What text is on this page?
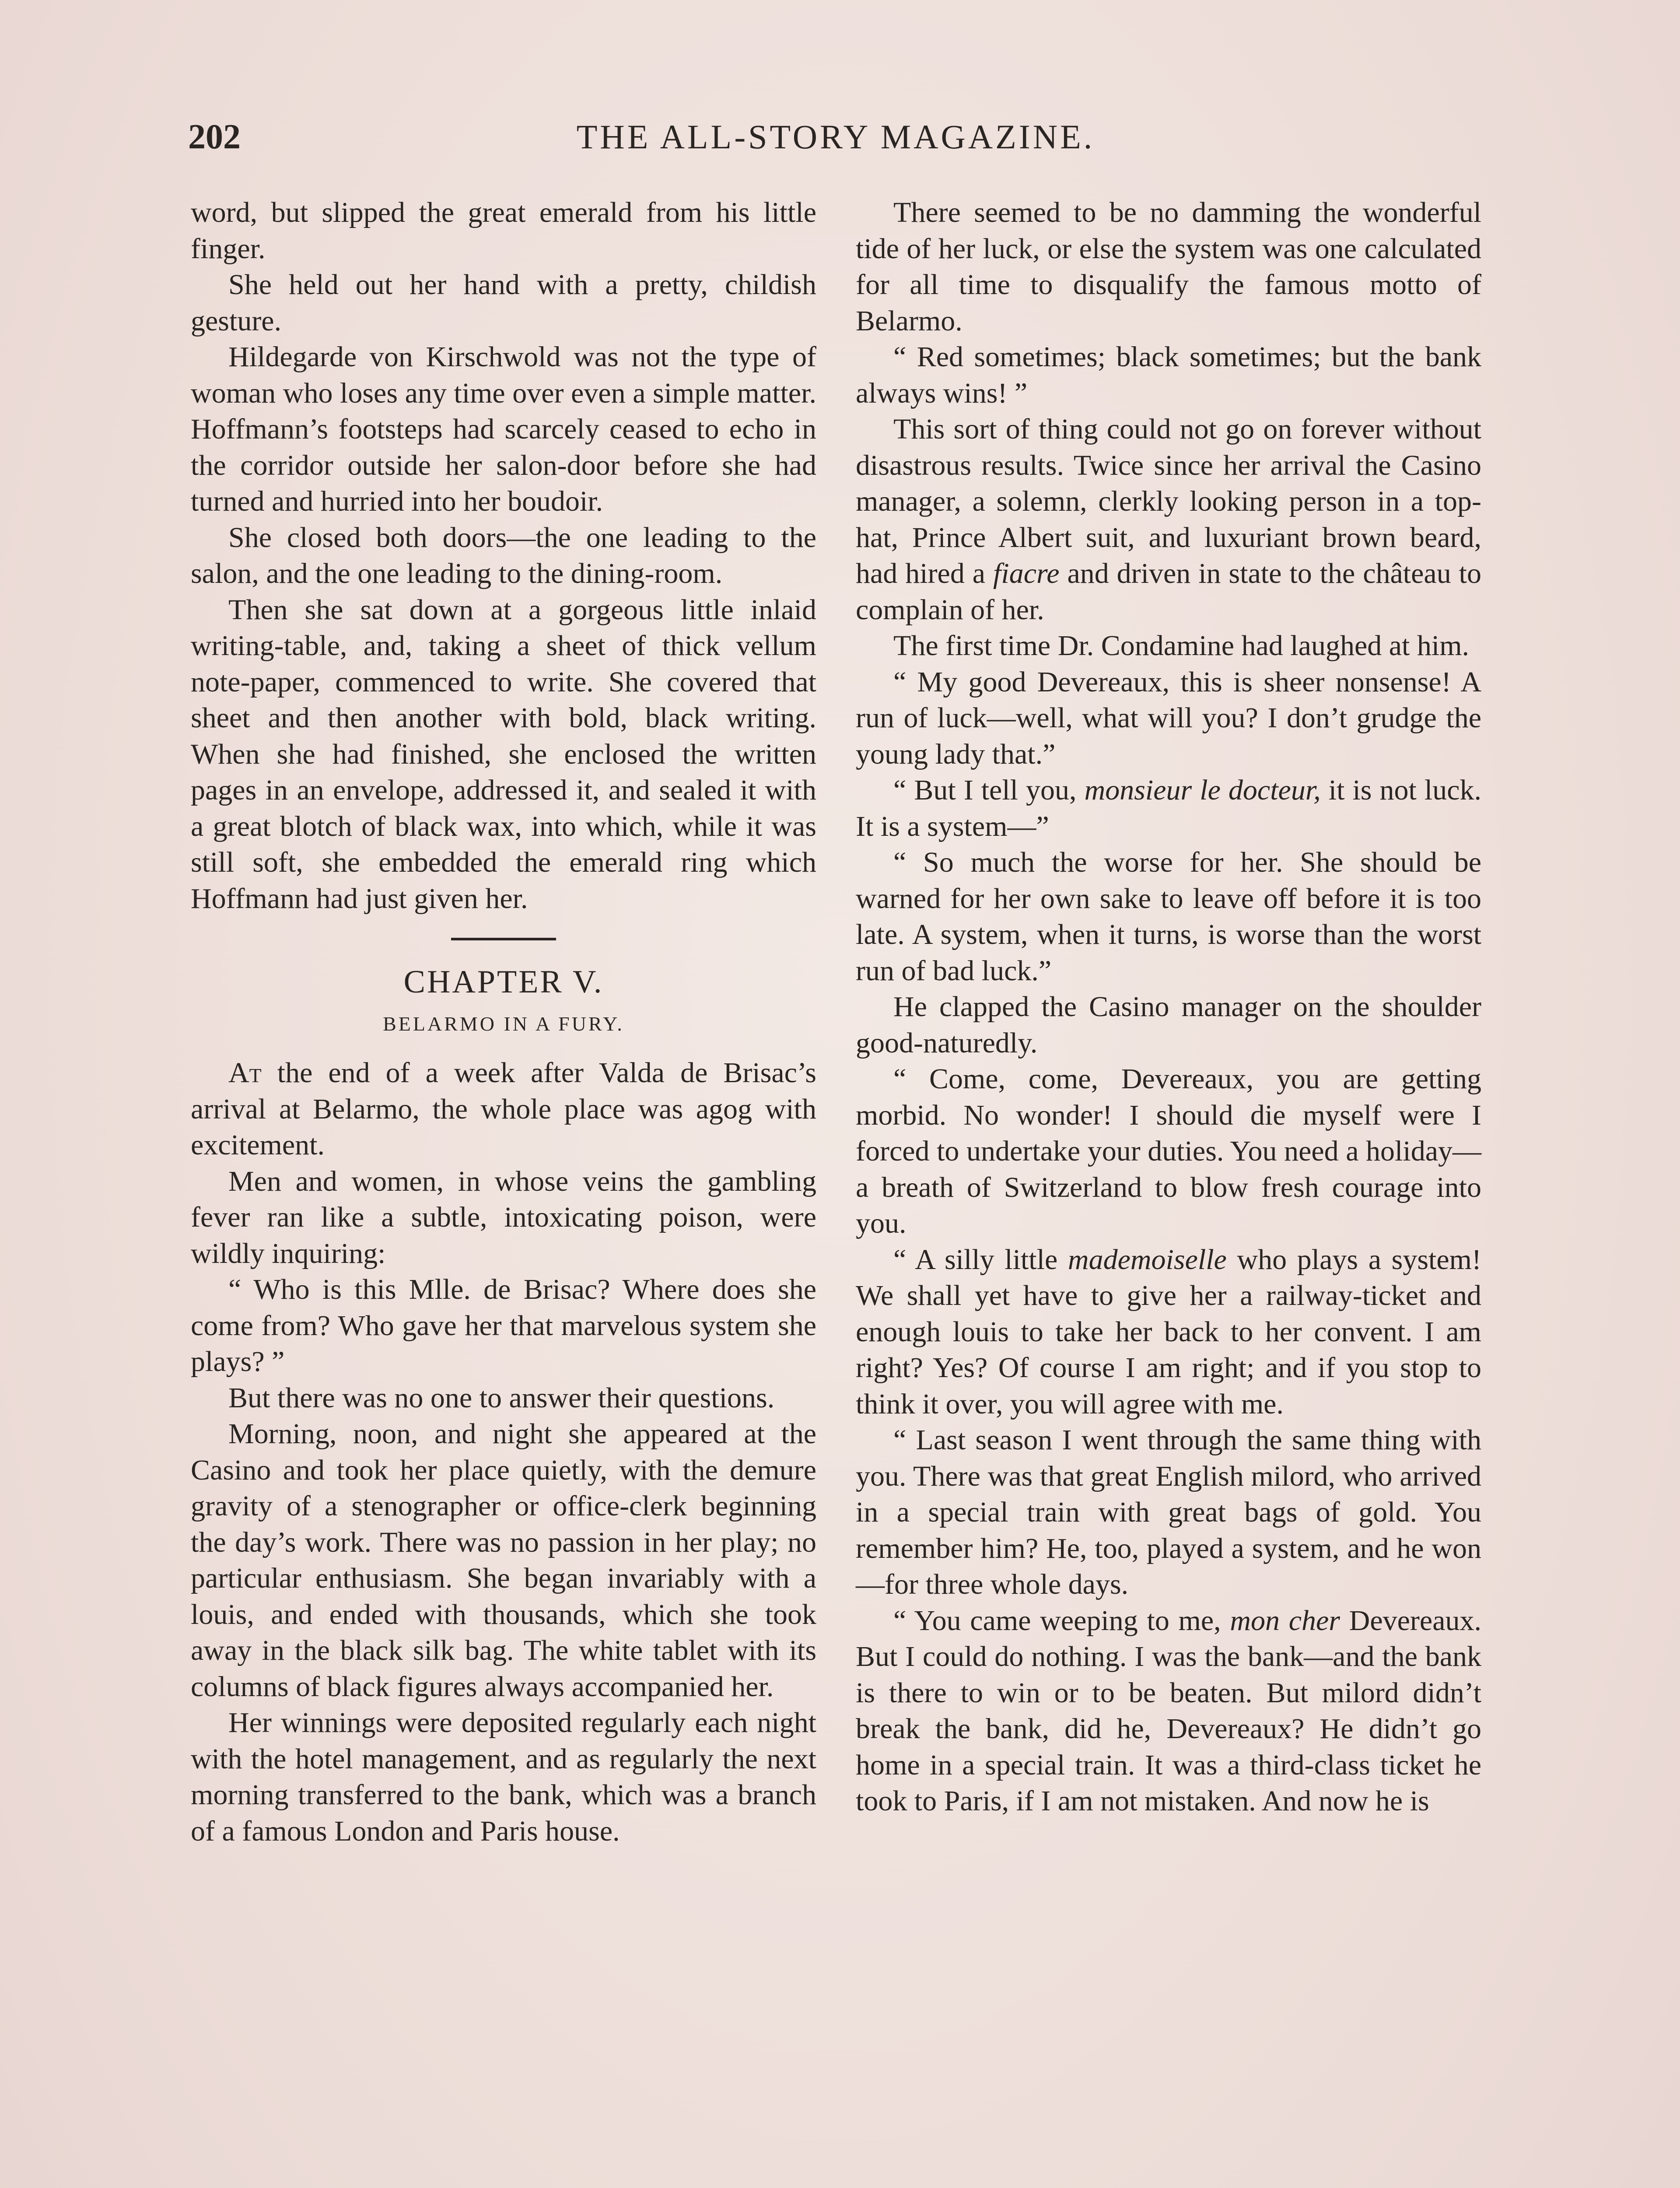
202	THE ALL-STORY MAGAZINE.

word, but slipped the great emerald from his little finger.

She held out her hand with a pretty, childish gesture.

Hildegarde von Kirschwold was not the type of woman who loses any time over even a simple matter. Hoffmann’s footsteps had scarcely ceased to echo in the corridor outside her salon-door before she had turned and hurried into her boudoir.

She closed both doors—the one leading to the salon, and the one leading to the dining-room.

Then she sat down at a gorgeous little inlaid writing-table, and, taking a sheet of thick vellum note-paper, commenced to write. She covered that sheet and then another with bold, black writing. When she had finished, she enclosed the written pages in an envelope, addressed it, and sealed it with a great blotch of black wax, into which, while it was still soft, she embedded the emerald ring which Hoffmann had just given her.

CHAPTER V.
BELARMO IN A FURY.

At the end of a week after Valda de Brisac’s arrival at Belarmo, the whole place was agog with excitement.

Men and women, in whose veins the gambling fever ran like a subtle, intoxicating poison, were wildly inquiring:

“ Who is this Mlle. de Brisac? Where does she come from? Who gave her that marvelous system she plays? ”

But there was no one to answer their questions.

Morning, noon, and night she appeared at the Casino and took her place quietly, with the demure gravity of a stenographer or office-clerk beginning the day’s work. There was no passion in her play; no particular enthusiasm. She began invariably with a louis, and ended with thousands, which she took away in the black silk bag. The white tablet with its columns of black figures always accompanied her.

Her winnings were deposited regularly each night with the hotel management, and as regularly the next morning transferred to the bank, which was a branch of a famous London and Paris house.

There seemed to be no damming the wonderful tide of her luck, or else the system was one calculated for all time to disqualify the famous motto of Belarmo.

“ Red sometimes; black sometimes; but the bank always wins! ”

This sort of thing could not go on forever without disastrous results. Twice since her arrival the Casino manager, a solemn, clerkly looking person in a top-hat, Prince Albert suit, and luxuriant brown beard, had hired a fiacre and driven in state to the château to complain of her.

The first time Dr. Condamine had laughed at him.

“ My good Devereaux, this is sheer nonsense! A run of luck—well, what will you? I don’t grudge the young lady that.”

“ But I tell you, monsieur le docteur, it is not luck. It is a system—”

“ So much the worse for her. She should be warned for her own sake to leave off before it is too late. A system, when it turns, is worse than the worst run of bad luck.”

He clapped the Casino manager on the shoulder good-naturedly.

“ Come, come, Devereaux, you are getting morbid. No wonder! I should die myself were I forced to undertake your duties. You need a holiday—a breath of Switzerland to blow fresh courage into you.

“ A silly little mademoiselle who plays a system! We shall yet have to give her a railway-ticket and enough louis to take her back to her convent. I am right? Yes? Of course I am right; and if you stop to think it over, you will agree with me.

“ Last season I went through the same thing with you. There was that great English milord, who arrived in a special train with great bags of gold. You remember him? He, too, played a system, and he won—for three whole days.

“ You came weeping to me, mon cher Devereaux. But I could do nothing. I was the bank—and the bank is there to win or to be beaten. But milord didn’t break the bank, did he, Devereaux? He didn’t go home in a special train. It was a third-class ticket he took to Paris, if I am not mistaken. And now he is
